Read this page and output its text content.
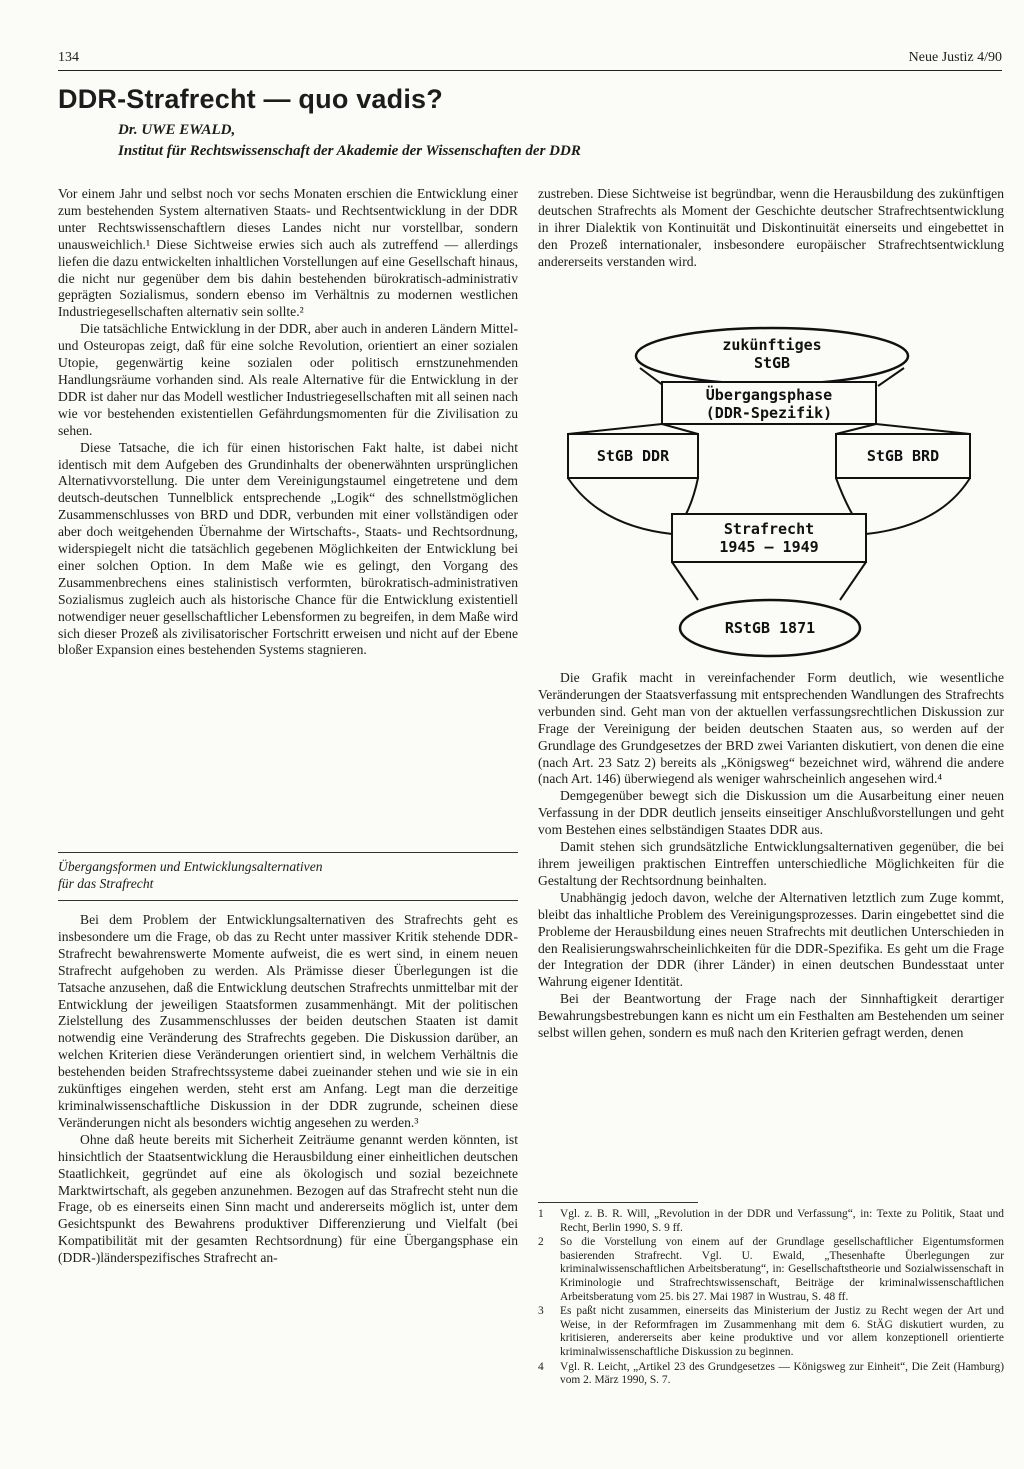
134	Neue Justiz 4/90
DDR-Strafrecht — quo vadis?
Dr. UWE EWALD,
Institut für Rechtswissenschaft der Akademie der Wissenschaften der DDR

Vor einem Jahr und selbst noch vor sechs Monaten erschien die Entwicklung einer zum bestehenden System alternativen Staats- und Rechtsentwicklung in der DDR unter Rechtswissenschaftlern dieses Landes nicht nur vorstellbar, sondern unausweichlich.¹ Diese Sichtweise erwies sich auch als zutreffend — allerdings liefen die dazu entwickelten inhaltlichen Vorstellungen auf eine Gesellschaft hinaus, die nicht nur gegenüber dem bis dahin bestehenden bürokratisch-administrativ geprägten Sozialismus, sondern ebenso im Verhältnis zu modernen westlichen Industriegesellschaften alternativ sein sollte.²

Die tatsächliche Entwicklung in der DDR, aber auch in anderen Ländern Mittel- und Osteuropas zeigt, daß für eine solche Revolution, orientiert an einer sozialen Utopie, gegenwärtig keine sozialen oder politisch ernstzunehmenden Handlungsräume vorhanden sind. Als reale Alternative für die Entwicklung in der DDR ist daher nur das Modell westlicher Industriegesellschaften mit all seinen nach wie vor bestehenden existentiellen Gefährdungsmomenten für die Zivilisation zu sehen.

Diese Tatsache, die ich für einen historischen Fakt halte, ist dabei nicht identisch mit dem Aufgeben des Grundinhalts der obenerwähnten ursprünglichen Alternativvorstellung. Die unter dem Vereinigungstaumel eingetretene und dem deutsch-deutschen Tunnelblick entsprechende „Logik“ des schnellstmöglichen Zusammenschlusses von BRD und DDR, verbunden mit einer vollständigen oder aber doch weitgehenden Übernahme der Wirtschafts-, Staats- und Rechtsordnung, widerspiegelt nicht die tatsächlich gegebenen Möglichkeiten der Entwicklung bei einer solchen Option. In dem Maße wie es gelingt, den Vorgang des Zusammenbrechens eines stalinistisch verformten, bürokratisch-administrativen Sozialismus zugleich auch als historische Chance für die Entwicklung existentiell notwendiger neuer gesellschaftlicher Lebensformen zu begreifen, in dem Maße wird sich dieser Prozeß als zivilisatorischer Fortschritt erweisen und nicht auf der Ebene bloßer Expansion eines bestehenden Systems stagnieren.

Übergangsformen und Entwicklungsalternativen
für das Strafrecht

Bei dem Problem der Entwicklungsalternativen des Strafrechts geht es insbesondere um die Frage, ob das zu Recht unter massiver Kritik stehende DDR-Strafrecht bewahrenswerte Momente aufweist, die es wert sind, in einem neuen Strafrecht aufgehoben zu werden. Als Prämisse dieser Überlegungen ist die Tatsache anzusehen, daß die Entwicklung deutschen Strafrechts unmittelbar mit der Entwicklung der jeweiligen Staatsformen zusammenhängt. Mit der politischen Zielstellung des Zusammenschlusses der beiden deutschen Staaten ist damit notwendig eine Veränderung des Strafrechts gegeben. Die Diskussion darüber, an welchen Kriterien diese Veränderungen orientiert sind, in welchem Verhältnis die bestehenden beiden Strafrechtssysteme dabei zueinander stehen und wie sie in ein zukünftiges eingehen werden, steht erst am Anfang. Legt man die derzeitige kriminalwissenschaftliche Diskussion in der DDR zugrunde, scheinen diese Veränderungen nicht als besonders wichtig angesehen zu werden.³

Ohne daß heute bereits mit Sicherheit Zeiträume genannt werden könnten, ist hinsichtlich der Staatsentwicklung die Herausbildung einer einheitlichen deutschen Staatlichkeit, gegründet auf eine als ökologisch und sozial bezeichnete Marktwirtschaft, als gegeben anzunehmen. Bezogen auf das Strafrecht steht nun die Frage, ob es einerseits einen Sinn macht und andererseits möglich ist, unter dem Gesichtspunkt des Bewahrens produktiver Differenzierung und Vielfalt (bei Kompatibilität mit der gesamten Rechtsordnung) für eine Übergangsphase ein (DDR-)länderspezifisches Strafrecht an-

zustreben. Diese Sichtweise ist begründbar, wenn die Herausbildung des zukünftigen deutschen Strafrechts als Moment der Geschichte deutscher Strafrechtsentwicklung in ihrer Dialektik von Kontinuität und Diskontinuität einerseits und eingebettet in den Prozeß internationaler, insbesondere europäischer Strafrechtsentwicklung andererseits verstanden wird.

zukünftiges
StGB
Übergangsphase
(DDR-Spezifik)
StGB DDR	StGB BRD
Strafrecht
1945 — 1949
RStGB 1871

Die Grafik macht in vereinfachender Form deutlich, wie wesentliche Veränderungen der Staatsverfassung mit entsprechenden Wandlungen des Strafrechts verbunden sind. Geht man von der aktuellen verfassungsrechtlichen Diskussion zur Frage der Vereinigung der beiden deutschen Staaten aus, so werden auf der Grundlage des Grundgesetzes der BRD zwei Varianten diskutiert, von denen die eine (nach Art. 23 Satz 2) bereits als „Königsweg“ bezeichnet wird, während die andere (nach Art. 146) überwiegend als weniger wahrscheinlich angesehen wird.⁴

Demgegenüber bewegt sich die Diskussion um die Ausarbeitung einer neuen Verfassung in der DDR deutlich jenseits einseitiger Anschlußvorstellungen und geht vom Bestehen eines selbständigen Staates DDR aus.

Damit stehen sich grundsätzliche Entwicklungsalternativen gegenüber, die bei ihrem jeweiligen praktischen Eintreffen unterschiedliche Möglichkeiten für die Gestaltung der Rechtsordnung beinhalten.

Unabhängig jedoch davon, welche der Alternativen letztlich zum Zuge kommt, bleibt das inhaltliche Problem des Vereinigungsprozesses. Darin eingebettet sind die Probleme der Herausbildung eines neuen Strafrechts mit deutlichen Unterschieden in den Realisierungswahrscheinlichkeiten für die DDR-Spezifika. Es geht um die Frage der Integration der DDR (ihrer Länder) in einen deutschen Bundesstaat unter Wahrung eigener Identität.

Bei der Beantwortung der Frage nach der Sinnhaftigkeit derartiger Bewahrungsbestrebungen kann es nicht um ein Festhalten am Bestehenden um seiner selbst willen gehen, sondern es muß nach den Kriterien gefragt werden, denen

1	Vgl. z. B. R. Will, „Revolution in der DDR und Verfassung“, in: Texte zu Politik, Staat und Recht, Berlin 1990, S. 9 ff.
2	So die Vorstellung von einem auf der Grundlage gesellschaftlicher Eigentumsformen basierenden Strafrecht. Vgl. U. Ewald, „Thesenhafte Überlegungen zur kriminalwissenschaftlichen Arbeitsberatung“, in: Gesellschaftstheorie und Sozialwissenschaft in Kriminologie und Strafrechtswissenschaft, Beiträge der kriminalwissenschaftlichen Arbeitsberatung vom 25. bis 27. Mai 1987 in Wustrau, S. 48 ff.
3	Es paßt nicht zusammen, einerseits das Ministerium der Justiz zu Recht wegen der Art und Weise, in der Reformfragen im Zusammenhang mit dem 6. StÄG diskutiert wurden, zu kritisieren, andererseits aber keine produktive und vor allem konzeptionell orientierte kriminalwissenschaftliche Diskussion zu beginnen.
4	Vgl. R. Leicht, „Artikel 23 des Grundgesetzes — Königsweg zur Einheit“, Die Zeit (Hamburg) vom 2. März 1990, S. 7.
